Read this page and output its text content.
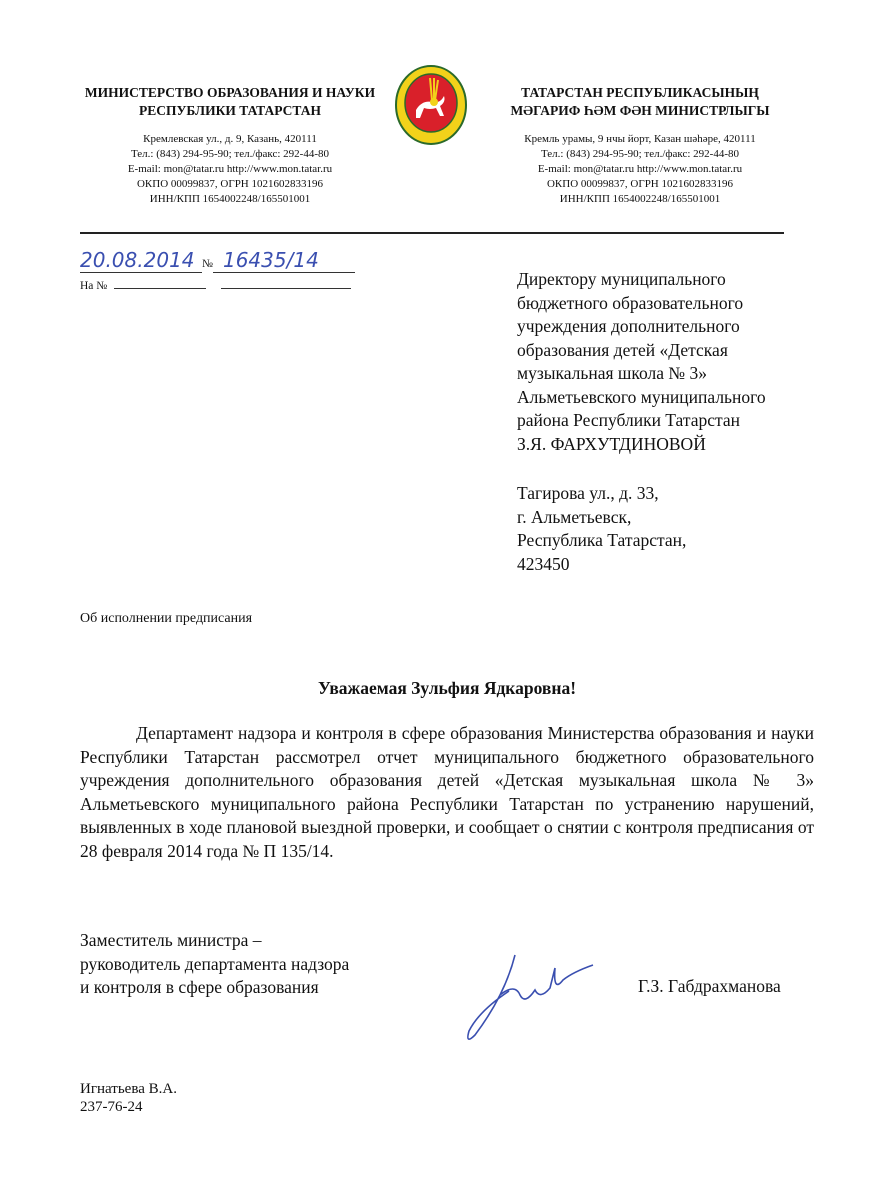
МИНИСТЕРСТВО ОБРАЗОВАНИЯ И НАУКИ
РЕСПУБЛИКИ ТАТАРСТАН
Кремлевская ул., д. 9, Казань, 420111
Тел.: (843) 294-95-90; тел./факс: 292-44-80
E-mail: mon@tatar.ru http://www.mon.tatar.ru
ОКПО 00099837, ОГРН 1021602833196
ИНН/КПП 1654002248/165501001
ТАТАРСТАН РЕСПУБЛИКАСЫНЫҢ
МӘГАРИФ ҺӘМ ФӘН МИНИСТРЛЫГЫ
Кремль урамы, 9 нчы йорт, Казан шәһәре, 420111
Тел.: (843) 294-95-90; тел./факс: 292-44-80
E-mail: mon@tatar.ru http://www.mon.tatar.ru
ОКПО 00099837, ОГРН 1021602833196
ИНН/КПП 1654002248/165501001
20.08.2014 № 16435/14
На №	Директору муниципального
бюджетного образовательного
учреждения дополнительного
образования детей «Детская
музыкальная школа № 3»
Альметьевского муниципального
района Республики Татарстан
З.Я. ФАРХУТДИНОВОЙ
Тагирова ул., д. 33,
г. Альметьевск,
Республика Татарстан,
423450
Об исполнении предписания
Уважаемая Зульфия Ядкаровна!
Департамент надзора и контроля в сфере образования Министерства образования и науки Республики Татарстан рассмотрел отчет муниципального бюджетного образовательного учреждения дополнительного образования детей «Детская музыкальная школа № 3» Альметьевского муниципального района Республики Татарстан по устранению нарушений, выявленных в ходе плановой выездной проверки, и сообщает о снятии с контроля предписания от 28 февраля 2014 года № П 135/14.
Заместитель министра –
руководитель департамента надзора
и контроля в сфере образования	Г.З. Габдрахманова
Игнатьева В.А.
237-76-24
